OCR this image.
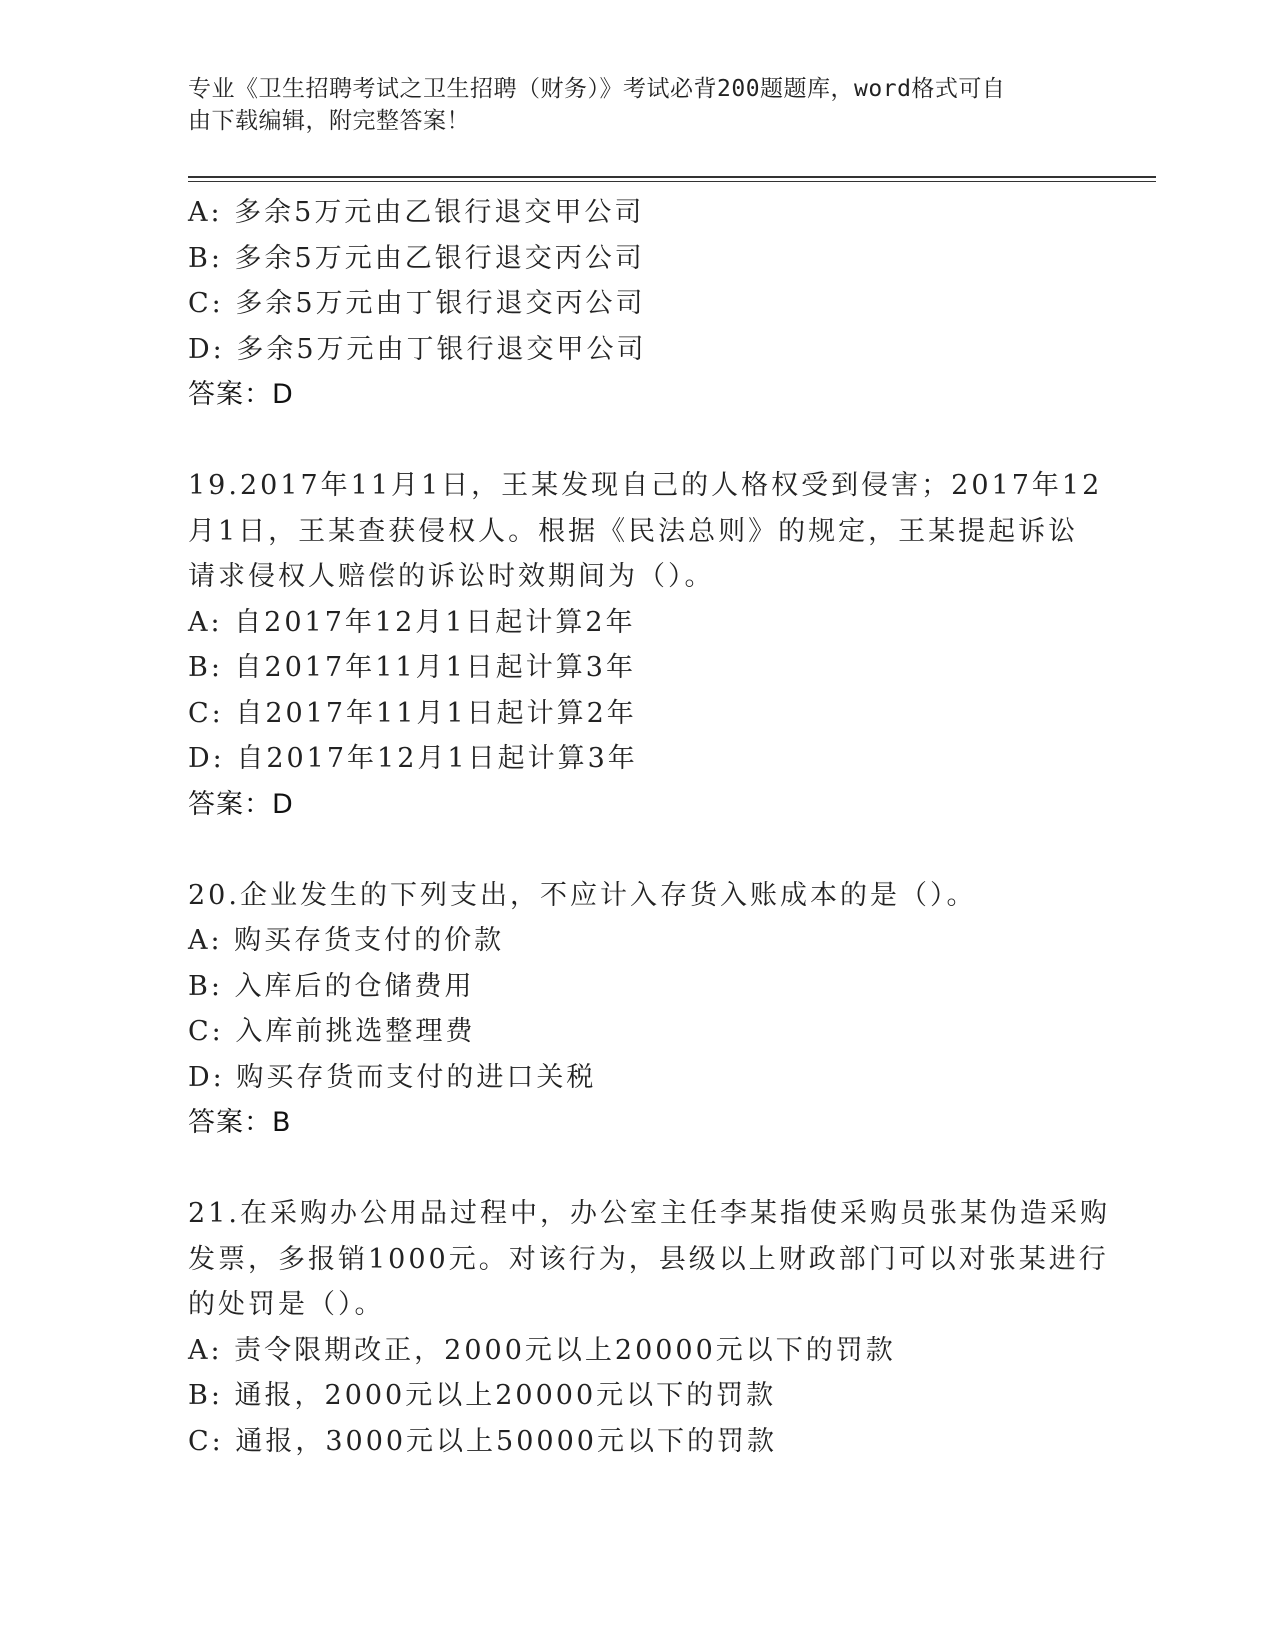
专业《卫生招聘考试之卫生招聘（财务）》考试必背200题题库，word格式可自
由下载编辑，附完整答案！
A: 多余5万元由乙银行退交甲公司
B: 多余5万元由乙银行退交丙公司
C: 多余5万元由丁银行退交丙公司
D: 多余5万元由丁银行退交甲公司
答案：D
19.2017年11月1日，王某发现自己的人格权受到侵害；2017年12
月1日，王某查获侵权人。根据《民法总则》的规定，王某提起诉讼
请求侵权人赔偿的诉讼时效期间为（）。
A: 自2017年12月1日起计算2年
B: 自2017年11月1日起计算3年
C: 自2017年11月1日起计算2年
D: 自2017年12月1日起计算3年
答案：D
20.企业发生的下列支出，不应计入存货入账成本的是（）。
A: 购买存货支付的价款
B: 入库后的仓储费用
C: 入库前挑选整理费
D: 购买存货而支付的进口关税
答案：B
21.在采购办公用品过程中，办公室主任李某指使采购员张某伪造采购
发票，多报销1000元。对该行为，县级以上财政部门可以对张某进行
的处罚是（）。
A: 责令限期改正，2000元以上20000元以下的罚款
B: 通报，2000元以上20000元以下的罚款
C: 通报，3000元以上50000元以下的罚款
